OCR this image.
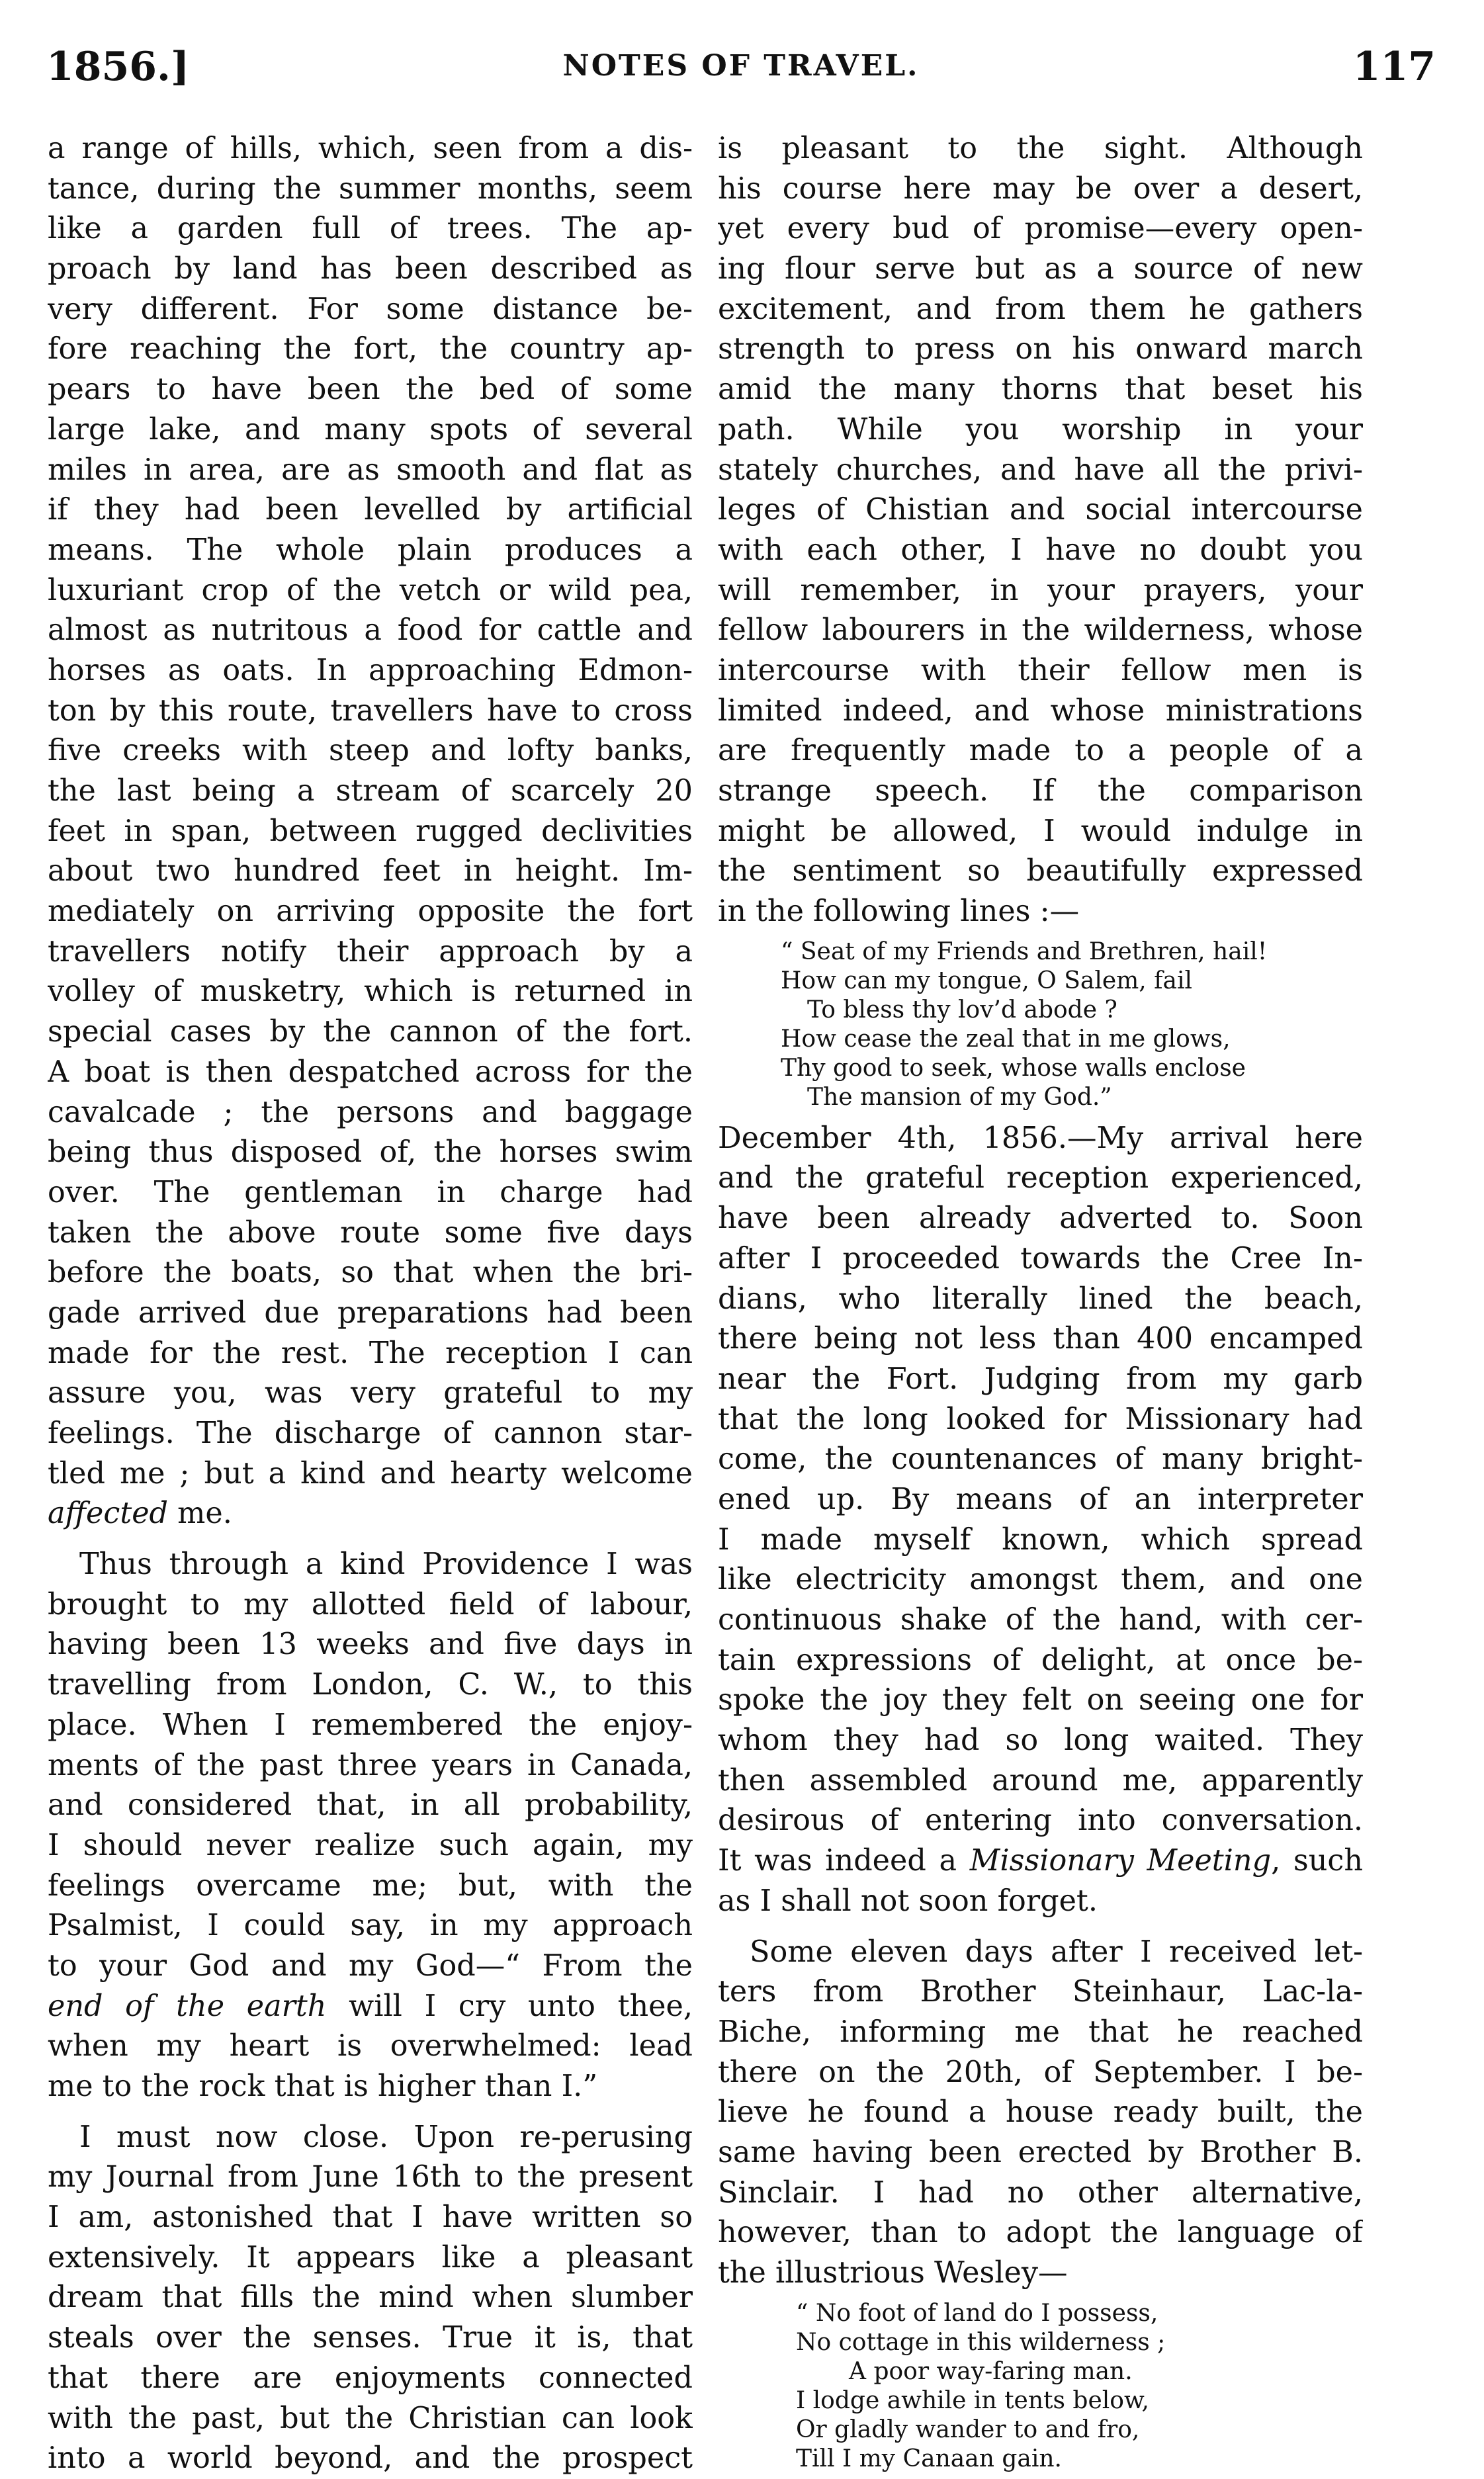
1856.]	NOTES OF TRAVEL.	117
a range of hills, which, seen from a dis-
tance, during the summer months, seem
like a garden full of trees. The ap-
proach by land has been described as
very different. For some distance be-
fore reaching the fort, the country ap-
pears to have been the bed of some
large lake, and many spots of several
miles in area, are as smooth and flat as
if they had been levelled by artificial
means. The whole plain produces a
luxuriant crop of the vetch or wild pea,
almost as nutritous a food for cattle and
horses as oats. In approaching Edmon-
ton by this route, travellers have to cross
five creeks with steep and lofty banks,
the last being a stream of scarcely 20
feet in span, between rugged declivities
about two hundred feet in height. Im-
mediately on arriving opposite the fort
travellers notify their approach by a
volley of musketry, which is returned in
special cases by the cannon of the fort.
A boat is then despatched across for the
cavalcade ; the persons and baggage
being thus disposed of, the horses swim
over. The gentleman in charge had
taken the above route some five days
before the boats, so that when the bri-
gade arrived due preparations had been
made for the rest. The reception I can
assure you, was very grateful to my
feelings. The discharge of cannon star-
tled me ; but a kind and hearty welcome
affected me.
Thus through a kind Providence I was
brought to my allotted field of labour,
having been 13 weeks and five days in
travelling from London, C. W., to this
place. When I remembered the enjoy-
ments of the past three years in Canada,
and considered that, in all probability,
I should never realize such again, my
feelings overcame me; but, with the
Psalmist, I could say, in my approach
to your God and my God—“ From the
end of the earth will I cry unto thee,
when my heart is overwhelmed: lead
me to the rock that is higher than I.”
I must now close. Upon re-perusing
my Journal from June 16th to the present
I am, astonished that I have written so
extensively. It appears like a pleasant
dream that fills the mind when slumber
steals over the senses. True it is, that
that there are enjoyments connected
with the past, but the Christian can look
into a world beyond, and the prospect
is pleasant to the sight. Although
his course here may be over a desert,
yet every bud of promise—every open-
ing flour serve but as a source of new
excitement, and from them he gathers
strength to press on his onward march
amid the many thorns that beset his
path. While you worship in your
stately churches, and have all the privi-
leges of Chistian and social intercourse
with each other, I have no doubt you
will remember, in your prayers, your
fellow labourers in the wilderness, whose
intercourse with their fellow men is
limited indeed, and whose ministrations
are frequently made to a people of a
strange speech. If the comparison
might be allowed, I would indulge in
the sentiment so beautifully expressed
in the following lines :—
“ Seat of my Friends and Brethren, hail!
How can my tongue, O Salem, fail
To bless thy lov’d abode ?
How cease the zeal that in me glows,
Thy good to seek, whose walls enclose
The mansion of my God.”
December 4th, 1856.—My arrival here
and the grateful reception experienced,
have been already adverted to. Soon
after I proceeded towards the Cree In-
dians, who literally lined the beach,
there being not less than 400 encamped
near the Fort. Judging from my garb
that the long looked for Missionary had
come, the countenances of many bright-
ened up. By means of an interpreter
I made myself known, which spread
like electricity amongst them, and one
continuous shake of the hand, with cer-
tain expressions of delight, at once be-
spoke the joy they felt on seeing one for
whom they had so long waited. They
then assembled around me, apparently
desirous of entering into conversation.
It was indeed a Missionary Meeting, such
as I shall not soon forget.
Some eleven days after I received let-
ters from Brother Steinhaur, Lac-la-
Biche, informing me that he reached
there on the 20th, of September. I be-
lieve he found a house ready built, the
same having been erected by Brother B.
Sinclair. I had no other alternative,
however, than to adopt the language of
the illustrious Wesley—
“ No foot of land do I possess,
No cottage in this wilderness ;
A poor way-faring man.
I lodge awhile in tents below,
Or gladly wander to and fro,
Till I my Canaan gain.
